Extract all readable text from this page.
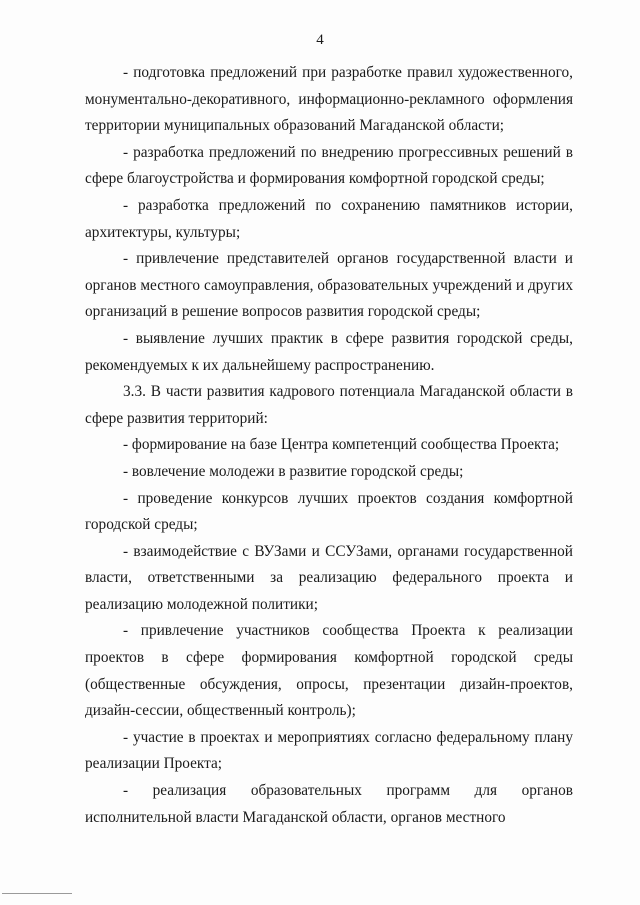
4

- подготовка предложений при разработке правил художественного, монументально-декоративного, информационно-рекламного оформления территории муниципальных образований Магаданской области;

- разработка предложений по внедрению прогрессивных решений в сфере благоустройства и формирования комфортной городской среды;

- разработка предложений по сохранению памятников истории, архитектуры, культуры;

- привлечение представителей органов государственной власти и органов местного самоуправления, образовательных учреждений и других организаций в решение вопросов развития городской среды;

- выявление лучших практик в сфере развития городской среды, рекомендуемых к их дальнейшему распространению.

3.3. В части развития кадрового потенциала Магаданской области в сфере развития территорий:

- формирование на базе Центра компетенций сообщества Проекта;

- вовлечение молодежи в развитие городской среды;

- проведение конкурсов лучших проектов создания комфортной городской среды;

- взаимодействие с ВУЗами и ССУЗами, органами государственной власти, ответственными за реализацию федерального проекта и реализацию молодежной политики;

- привлечение участников сообщества Проекта к реализации проектов в сфере формирования комфортной городской среды (общественные обсуждения, опросы, презентации дизайн-проектов, дизайн-сессии, общественный контроль);

- участие в проектах и мероприятиях согласно федеральному плану реализации Проекта;

- реализация образовательных программ для органов исполнительной власти Магаданской области, органов местного
